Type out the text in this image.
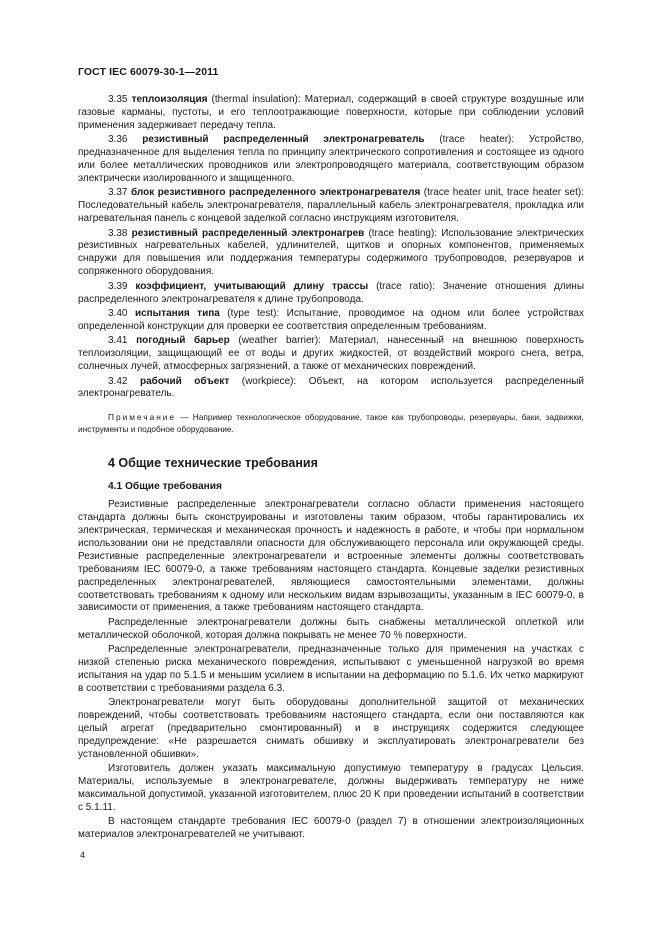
ГОСТ IEC 60079-30-1—2011

3.35 теплоизоляция (thermal insulation): Материал, содержащий в своей структуре воздушные или газовые карманы, пустоты, и его теплоотражающие поверхности, которые при соблюдении условий применения задерживает передачу тепла.

3.36 резистивный распределенный электронагреватель (trace heater): Устройство, предназначенное для выделения тепла по принципу электрического сопротивления и состоящее из одного или более металлических проводников или электропроводящего материала, соответствующим образом электрически изолированного и защищенного.

3.37 блок резистивного распределенного электронагревателя (trace heater unit, trace heater set): Последовательный кабель электронагревателя, параллельный кабель электронагревателя, прокладка или нагревательная панель с концевой заделкой согласно инструкциям изготовителя.

3.38 резистивный распределенный электронагрев (trace heating): Использование электрических резистивных нагревательных кабелей, удлинителей, щитков и опорных компонентов, применяемых снаружи для повышения или поддержания температуры содержимого трубопроводов, резервуаров и сопряженного оборудования.

3.39 коэффициент, учитывающий длину трассы (trace ratio): Значение отношения длины распределенного электронагревателя к длине трубопровода.

3.40 испытания типа (type test): Испытание, проводимое на одном или более устройствах определенной конструкции для проверки ее соответствия определенным требованиям.

3.41 погодный барьер (weather barrier): Материал, нанесенный на внешнюю поверхность теплоизоляции, защищающий ее от воды и других жидкостей, от воздействий мокрого снега, ветра, солнечных лучей, атмосферных загрязнений, а также от механических повреждений.

3.42 рабочий объект (workpiece): Объект, на котором используется распределенный электронагреватель.

Примечание — Например технологическое оборудование, такое как трубопроводы, резервуары, баки, задвижки, инструменты и подобное оборудование.

4 Общие технические требования
4.1 Общие требования

Резистивные распределенные электронагреватели согласно области применения настоящего стандарта должны быть сконструированы и изготовлены таким образом, чтобы гарантировались их электрическая, термическая и механическая прочность и надежность в работе, и чтобы при нормальном использовании они не представляли опасности для обслуживающего персонала или окружающей среды. Резистивные распределенные электронагреватели и встроенные элементы должны соответствовать требованиям IEC 60079-0, а также требованиям настоящего стандарта. Концевые заделки резистивных распределенных электронагревателей, являющиеся самостоятельными элементами, должны соответствовать требованиям к одному или нескольким видам взрывозащиты, указанным в IEC 60079-0, в зависимости от применения, а также требованиям настоящего стандарта.

Распределенные электронагреватели должны быть снабжены металлической оплеткой или металлической оболочкой, которая должна покрывать не менее 70 % поверхности.

Распределенные электронагреватели, предназначенные только для применения на участках с низкой степенью риска механического повреждения, испытывают с уменьшенной нагрузкой во время испытания на удар по 5.1.5 и меньшим усилием в испытании на деформацию по 5.1.6. Их четко маркируют в соответствии с требованиями раздела 6.3.

Электронагреватели могут быть оборудованы дополнительной защитой от механических повреждений, чтобы соответствовать требованиям настоящего стандарта, если они поставляются как целый агрегат (предварительно смонтированный) и в инструкциях содержится следующее предупреждение: «Не разрешается снимать обшивку и эксплуатировать электронагреватели без установленной обшивки».

Изготовитель должен указать максимальную допустимую температуру в градусах Цельсия. Материалы, используемые в электронагревателе, должны выдерживать температуру не ниже максимальной допустимой, указанной изготовителем, плюс 20 K при проведении испытаний в соответствии с 5.1.11.

В настоящем стандарте требования IEC 60079-0 (раздел 7) в отношении электроизоляционных материалов электронагревателей не учитывают.

4
